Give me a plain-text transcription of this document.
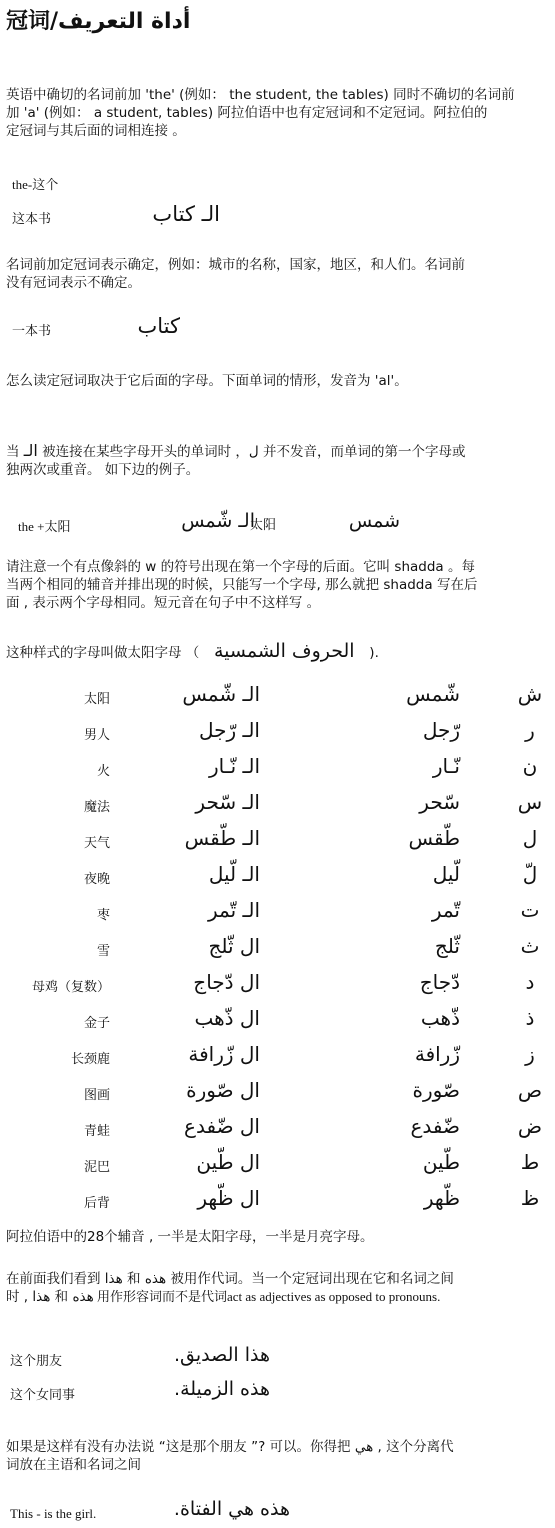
冠词/أداة التعريف
英语中确切的名词前加 'the' (例如： the student, the tables) 同时不确切的名词前
加 'a' (例如： a student, tables) 阿拉伯语中也有定冠词和不定冠词。阿拉伯的
定冠词与其后面的词相连接 。
the-这个
这本书	الـ كتاب
名词前加定冠词表示确定，例如：城市的名称，国家，地区，和人们。名词前
没有冠词表示不确定。
一本书	كتاب
怎么读定冠词取决于它后面的字母。下面单词的情形，发音为 'al'。
当 الـ 被连接在某些字母开头的单词时 ，ل 并不发音，而单词的第一个字母或
独两次或重音。 如下边的例子。
the +太阳	الـ شّمس
太阳	شمس
请注意一个有点像斜的 w 的符号出现在第一个字母的后面。它叫 shadda 。每
当两个相同的辅音并排出现的时候，只能写一个字母, 那么就把 shadda 写在后
面 , 表示两个字母相同。短元音在句子中不这样写 。
这种样式的字母叫做太阳字母 （ الحروف الشمسية ).
太阳	الـ شّمس	شّمس	ش
男人	الـ رّجل	رّجل	ر
火	الـ نّـار	نّـار	ن
魔法	الـ سّحر	سّحر	س
天气	الـ طّقس	طّقس	ل
夜晚	الـ لّيل	لّيل	لّ
枣	الـ تّمر	تّمر	ت
雪	ال ثّلج	ثّلج	ث
母鸡（复数）	ال دّجاج	دّجاج	د
金子	ال ذّهب	ذّهب	ذ
长颈鹿	ال زّرافة	زّرافة	ز
图画	ال صّورة	صّورة	ص
青蛙	ال ضّفدع	ضّفدع	ض
泥巴	ال طّين	طّين	ط
后背	ال ظّهر	ظّهر	ظ
阿拉伯语中的28个辅音 , 一半是太阳字母，一半是月亮字母。
在前面我们看到 هذا 和 هذه 被用作代词。当一个定冠词出现在它和名词之间
时 , هذا 和 هذه 用作形容词而不是代词act as adjectives as opposed to pronouns.
这个朋友	هذا الصديق.
这个女同事	هذه الزميلة.
如果是这样有没有办法说 “这是那个朋友 ”? 可以。你得把 هي , 这个分离代
词放在主语和名词之间
This - is the girl.	هذه هي الفتاة.
